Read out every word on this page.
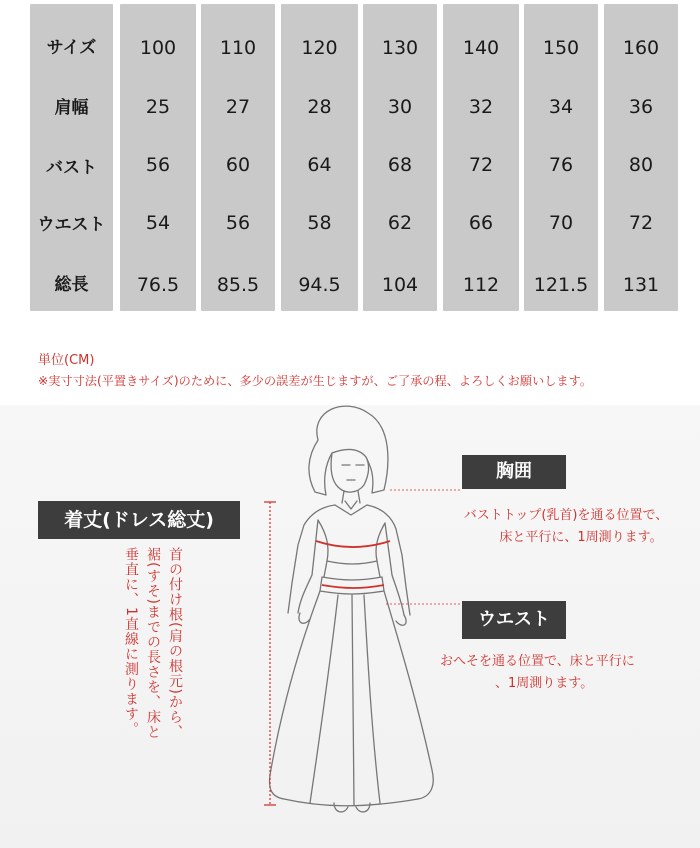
サイズ
肩幅
バスト
ウエスト
総長
100
25
56
54
76.5
110
27
60
56
85.5
120
28
64
58
94.5
130
30
68
62
104
140
32
72
66
112
150
34
76
70
121.5
160
36
80
72
131
単位(CM)
※実寸寸法(平置きサイズ)のために、多少の誤差が生じますが、ご了承の程、よろしくお願いします。
着丈(ドレス総丈)
首の付け根(肩の根元)から、
裾(すそ)までの長さを、床と
垂直に、1直線に測ります。
胸囲
バストトップ(乳首)を通る位置で、
床と平行に、1周測ります。
ウエスト
おへそを通る位置で、床と平行に
、1周測ります。
